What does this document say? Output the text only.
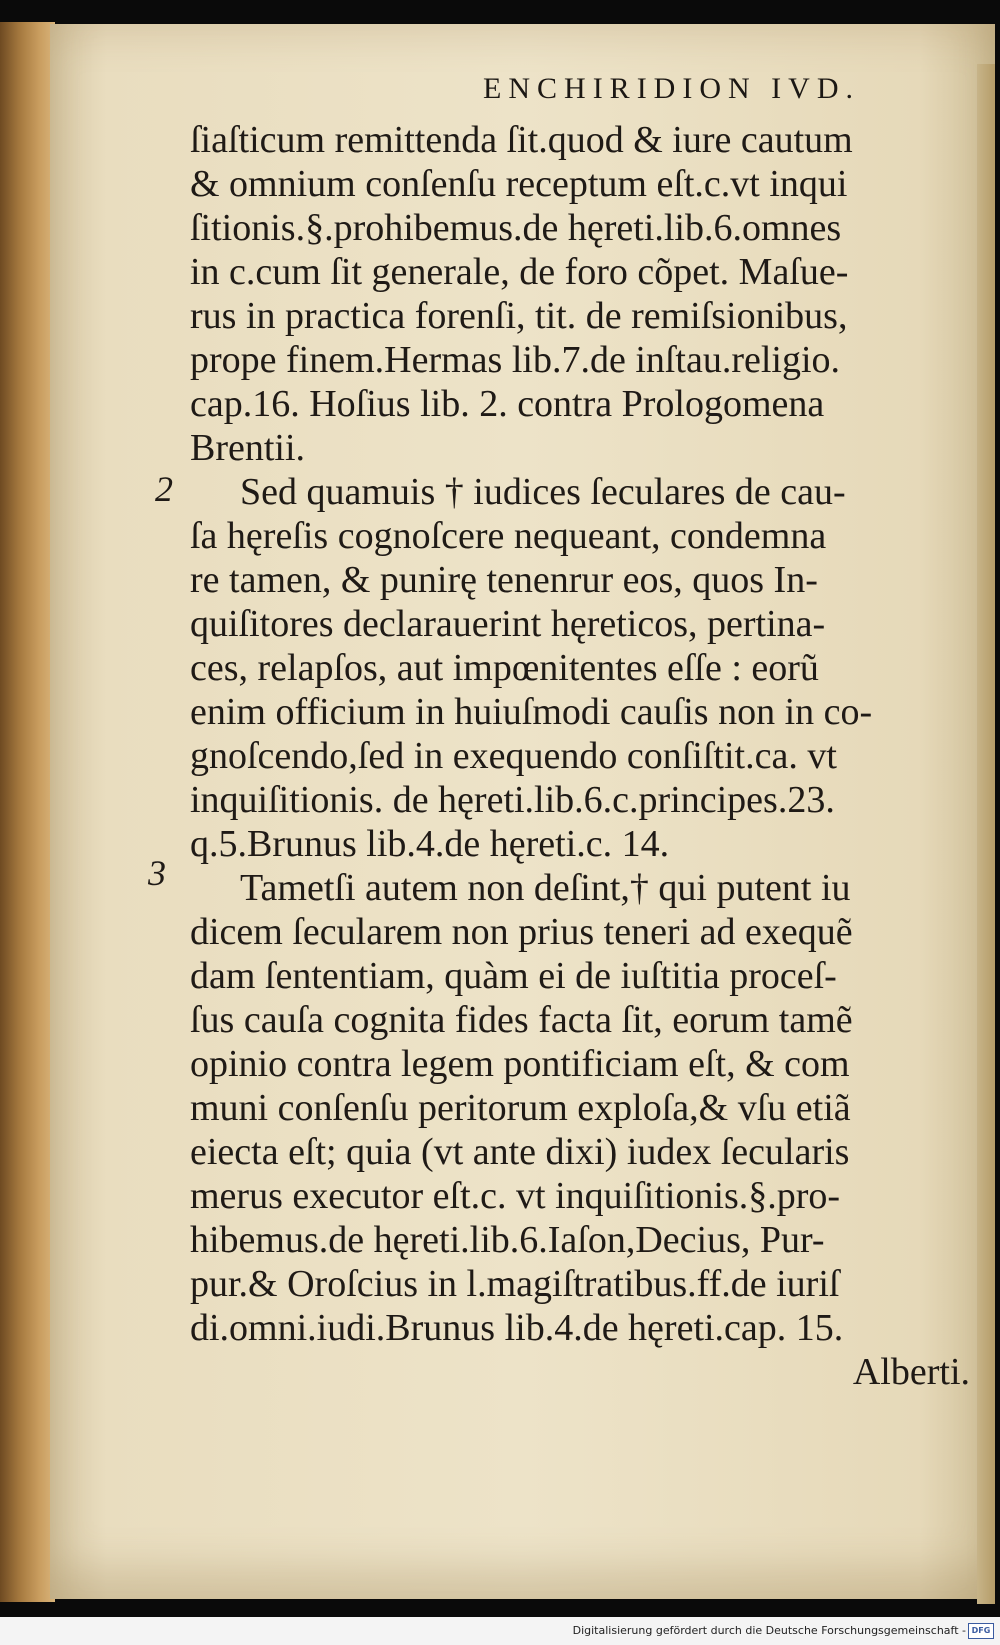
ENCHIRIDION IVD.
2
3
ſiaſticum remittenda ſit.quod & iure cautum
& omnium conſenſu receptum eſt.c.vt inqui
ſitionis.§.prohibemus.de hęreti.lib.6.omnes
in c.cum ſit generale, de foro cõpet. Maſue-
rus in practica forenſi, tit. de remiſsionibus,
prope finem.Hermas lib.7.de inſtau.religio.
cap.16. Hoſius lib. 2. contra Prologomena
Brentii.
Sed quamuis † iudices ſeculares de cau-
ſa hęreſis cognoſcere nequeant, condemna
re tamen, & punirę tenenrur eos, quos In-
quiſitores declarauerint hęreticos, pertina-
ces, relapſos, aut impœnitentes eſſe : eorũ
enim officium in huiuſmodi cauſis non in co-
gnoſcendo,ſed in exequendo conſiſtit.ca. vt
inquiſitionis. de hęreti.lib.6.c.principes.23.
q.5.Brunus lib.4.de hęreti.c. 14.
Tametſi autem non deſint,† qui putent iu
dicem ſecularem non prius teneri ad exequẽ
dam ſententiam, quàm ei de iuſtitia proceſ-
ſus cauſa cognita fides facta ſit, eorum tamẽ
opinio contra legem pontificiam eſt, & com
muni conſenſu peritorum exploſa,& vſu etiã
eiecta eſt; quia (vt ante dixi) iudex ſecularis
merus executor eſt.c. vt inquiſitionis.§.pro-
hibemus.de hęreti.lib.6.Iaſon,Decius, Pur-
pur.& Oroſcius in l.magiſtratibus.ff.de iuriſ
di.omni.iudi.Brunus lib.4.de hęreti.cap. 15.
Alberti.
Digitalisierung gefördert durch die Deutsche Forschungsgemeinschaft - DFG
